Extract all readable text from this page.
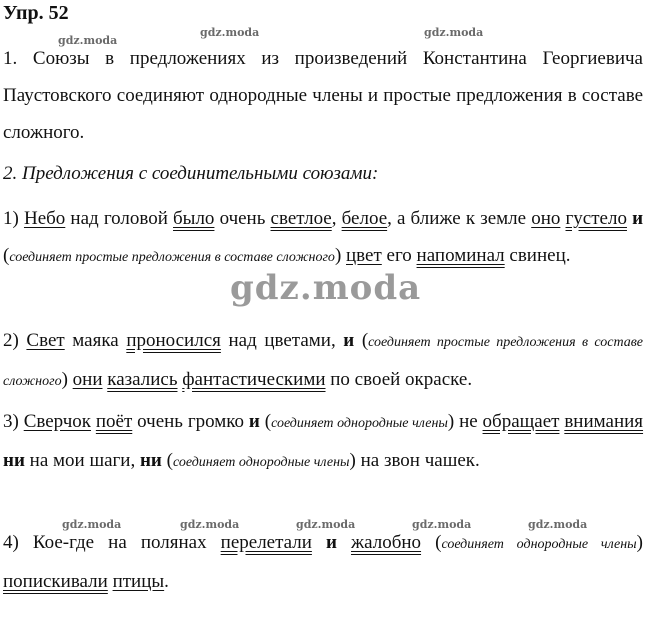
Упр. 52
gdz.moda
gdz.moda	gdz.moda
gdz.moda	gdz.moda	gdz.moda	gdz.moda	gdz.moda
gdz.moda
1. Союзы в предложениях из произведений Константина Георгиевича Паустовского соединяют однородные члены и простые предложения в составе сложного.
2. Предложения с соединительными союзами:
1) Небо над головой было очень светлое, белое, а ближе к земле оно густело и (соединяет простые предложения в составе сложного) цвет его напоминал свинец.
2) Свет маяка проносился над цветами, и (соединяет простые предложения в составе сложного) они казались фантастическими по своей окраске.
3) Сверчок поёт очень громко и (соединяет однородные члены) не обращает внимания ни на мои шаги, ни (соединяет однородные члены) на звон чашек.
4) Кое-где на полянах перелетали и жалобно (соединяет однородные члены) попискивали птицы.
